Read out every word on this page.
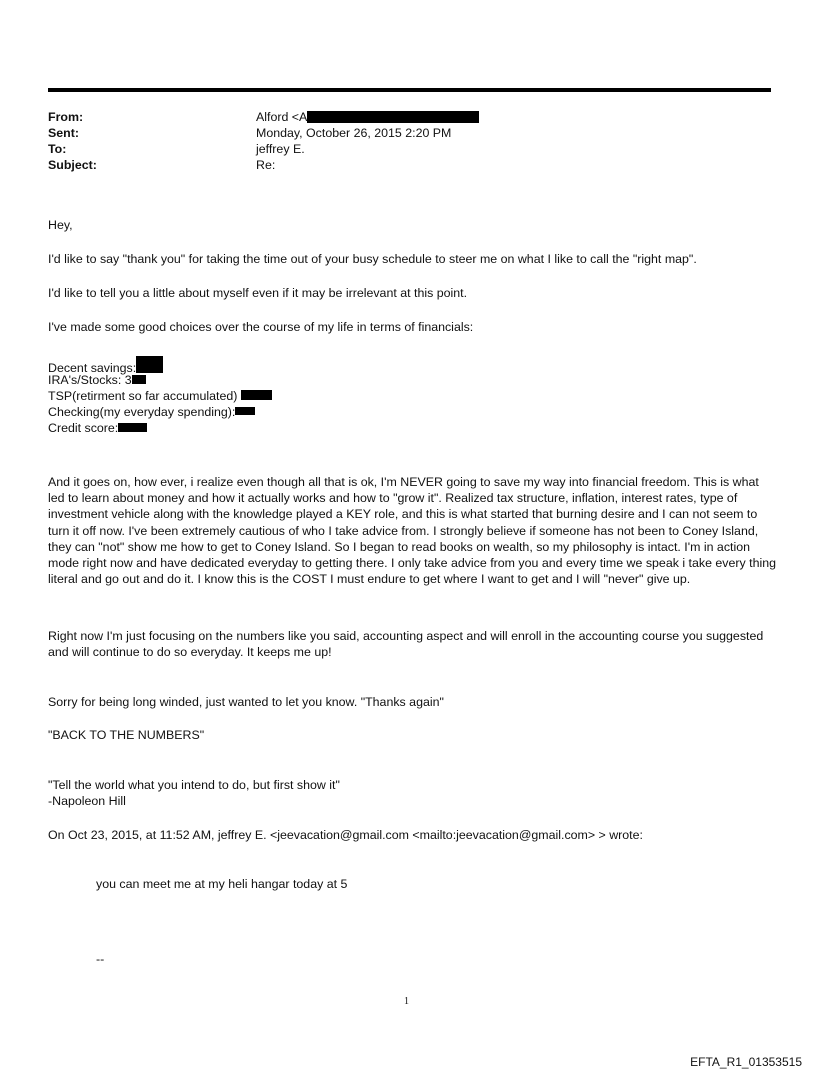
From:	Alford <A
Sent:	Monday, October 26, 2015 2:20 PM
To:	jeffrey E.
Subject:	Re:
Hey,
I'd like to say "thank you" for taking the time out of your busy schedule to steer me on what I like to call the "right map".
I'd like to tell you a little about myself even if it may be irrelevant at this point.
I've made some good choices over the course of my life in terms of financials:
Decent savings:
IRA's/Stocks: 3
TSP(retirment so far accumulated)
Checking(my everyday spending):
Credit score:
And it goes on, how ever, i realize even though all that is ok, I'm NEVER going to save my way into financial freedom. This is what led to learn about money and how it actually works and how to "grow it". Realized tax structure, inflation, interest rates, type of investment vehicle along with the knowledge played a KEY role, and this is what started that burning desire and I can not seem to turn it off now. I've been extremely cautious of who I take advice from. I strongly believe if someone has not been to Coney Island, they can "not" show me how to get to Coney Island. So I began to read books on wealth, so my philosophy is intact. I'm in action mode right now and have dedicated everyday to getting there. I only take advice from you and every time we speak i take every thing literal and go out and do it. I know this is the COST I must endure to get where I want to get and I will "never" give up.
Right now I'm just focusing on the numbers like you said, accounting aspect and will enroll in the accounting course you suggested and will continue to do so everyday. It keeps me up!
Sorry for being long winded, just wanted to let you know. "Thanks again"
"BACK TO THE NUMBERS"
"Tell the world what you intend to do, but first show it"
-Napoleon Hill
On Oct 23, 2015, at 11:52 AM, jeffrey E. <jeevacation@gmail.com <mailto:jeevacation@gmail.com> > wrote:
you can meet me at my heli hangar today at 5
--
1
EFTA_R1_01353515
